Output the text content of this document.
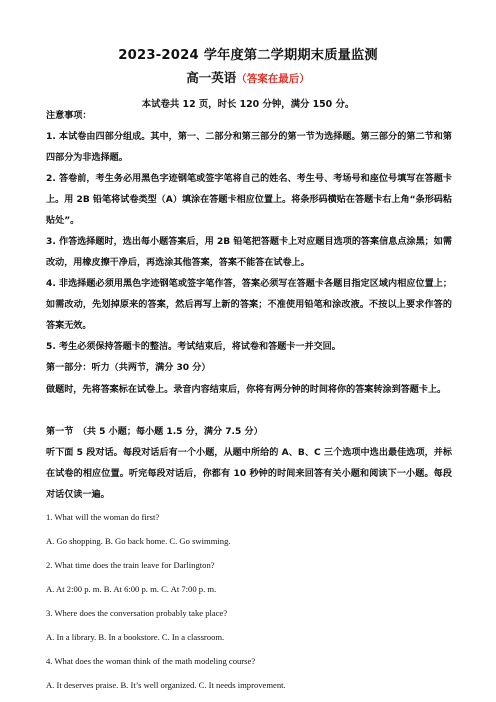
2023-2024 学年度第二学期期末质量监测
高一英语（答案在最后）
本试卷共 12 页，时长 120 分钟，满分 150 分。
注意事项：
1. 本试卷由四部分组成。其中，第一、二部分和第三部分的第一节为选择题。第三部分的第二节和第四部分为非选择题。
2. 答卷前，考生务必用黑色字迹钢笔或签字笔将自己的姓名、考生号、考场号和座位号填写在答题卡上。用 2B 铅笔将试卷类型（A）填涂在答题卡相应位置上。将条形码横贴在答题卡右上角“条形码粘贴处”。
3. 作答选择题时，选出每小题答案后，用 2B 铅笔把答题卡上对应题目选项的答案信息点涂黑；如需改动，用橡皮擦干净后，再选涂其他答案，答案不能答在试卷上。
4. 非选择题必须用黑色字迹钢笔或签字笔作答，答案必须写在答题卡各题目指定区域内相应位置上；如需改动，先划掉原来的答案，然后再写上新的答案；不准使用铅笔和涂改液。不按以上要求作答的答案无效。
5. 考生必须保持答题卡的整洁。考试结束后，将试卷和答题卡一并交回。
第一部分：听力（共两节，满分 30 分）
做题时，先将答案标在试卷上。录音内容结束后，你将有两分钟的时间将你的答案转涂到答题卡上。
第一节　（共 5 小题；每小题 1.5 分，满分 7.5 分）
听下面 5 段对话。每段对话后有一个小题，从题中所给的 A、B、C 三个选项中选出最佳选项，并标在试卷的相应位置。听完每段对话后，你都有 10 秒钟的时间来回答有关小题和阅读下一小题。每段对话仅读一遍。
1. What will the woman do first?
A. Go shopping. B. Go back home. C. Go swimming.
2. What time does the train leave for Darlington?
A. At 2:00 p. m. B. At 6:00 p. m. C. At 7:00 p. m.
3. Where does the conversation probably take place?
A. In a library. B. In a bookstore. C. In a classroom.
4. What does the woman think of the math modeling course?
A. It deserves praise. B. It’s well organized. C. It needs improvement.
